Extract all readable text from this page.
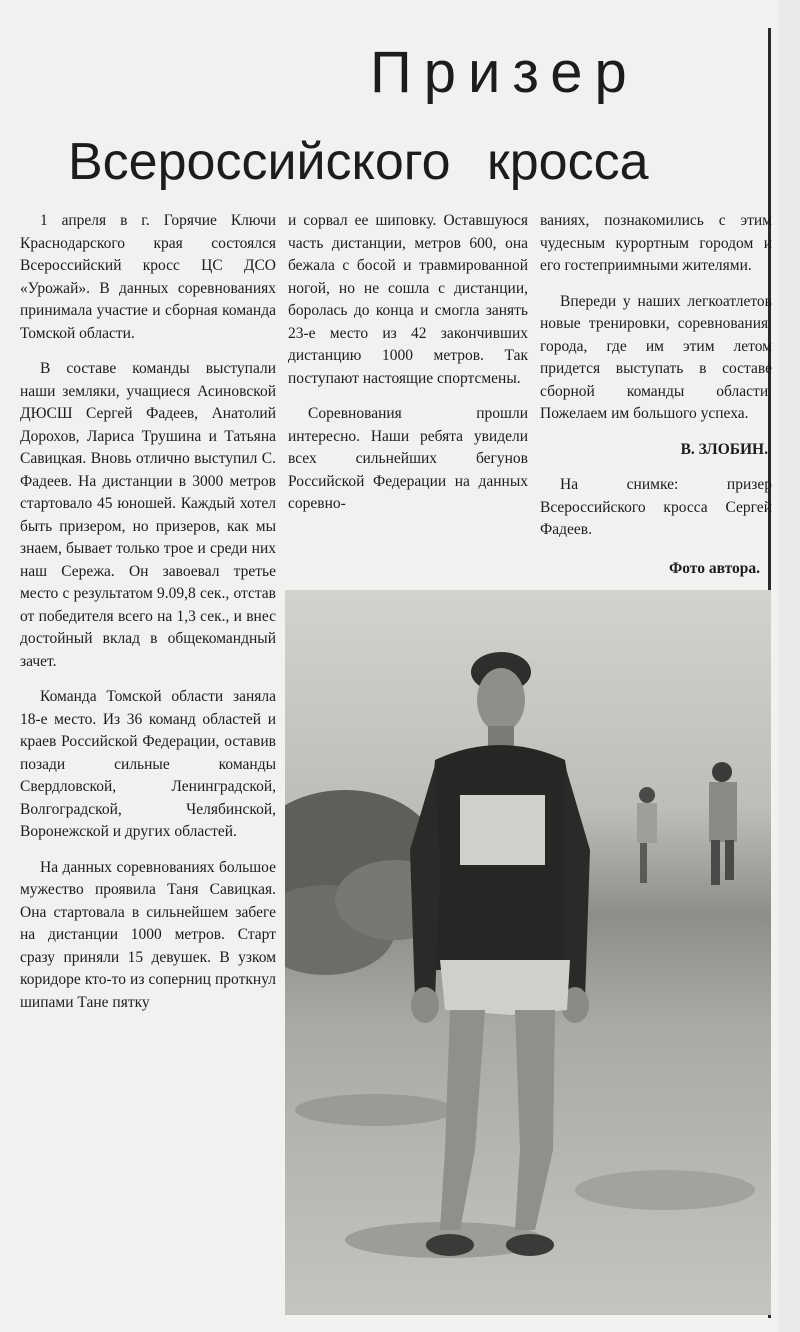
Призер
Всероссийского кросса

1 апреля в г. Горячие Ключи Краснодарского края состоялся Всероссийский кросс ЦС ДСО «Урожай». В данных соревнованиях принимала участие и сборная команда Томской области.

В составе команды выступали наши земляки, учащиеся Асиновской ДЮСШ Сергей Фадеев, Анатолий Дорохов, Лариса Трушина и Татьяна Савицкая. Вновь отлично выступил С. Фадеев. На дистанции в 3000 метров стартовало 45 юношей. Каждый хотел быть призером, но призеров, как мы знаем, бывает только трое и среди них наш Сережа. Он завоевал третье место с результатом 9.09,8 сек., отстав от победителя всего на 1,3 сек., и внес достойный вклад в общекомандный зачет.

Команда Томской области заняла 18-е место. Из 36 команд областей и краев Российской Федерации, оставив позади сильные команды Свердловской, Ленинградской, Волгоградской, Челябинской, Воронежской и других областей.

На данных соревнованиях большое мужество проявила Таня Савицкая. Она стартовала в сильнейшем забеге на дистанции 1000 метров. Старт сразу приняли 15 девушек. В узком коридоре кто-то из соперниц проткнул шипами Тане пятку

и сорвал ее шиповку. Оставшуюся часть дистанции, метров 600, она бежала с босой и травмированной ногой, но не сошла с дистанции, боролась до конца и смогла занять 23-е место из 42 закончивших дистанцию 1000 метров. Так поступают настоящие спортсмены.

Соревнования прошли интересно. Наши ребята увидели всех сильнейших бегунов Российской Федерации на данных соревно-

ваниях, познакомились с этим чудесным курортным городом и его гостеприимными жителями.

Впереди у наших легкоатлетов новые тренировки, соревнования, города, где им этим летом придется выступать в составе сборной команды области. Пожелаем им большого успеха.

В. ЗЛОБИН.

На снимке: призер Всероссийского кросса Сергей Фадеев.

Фото автора.
